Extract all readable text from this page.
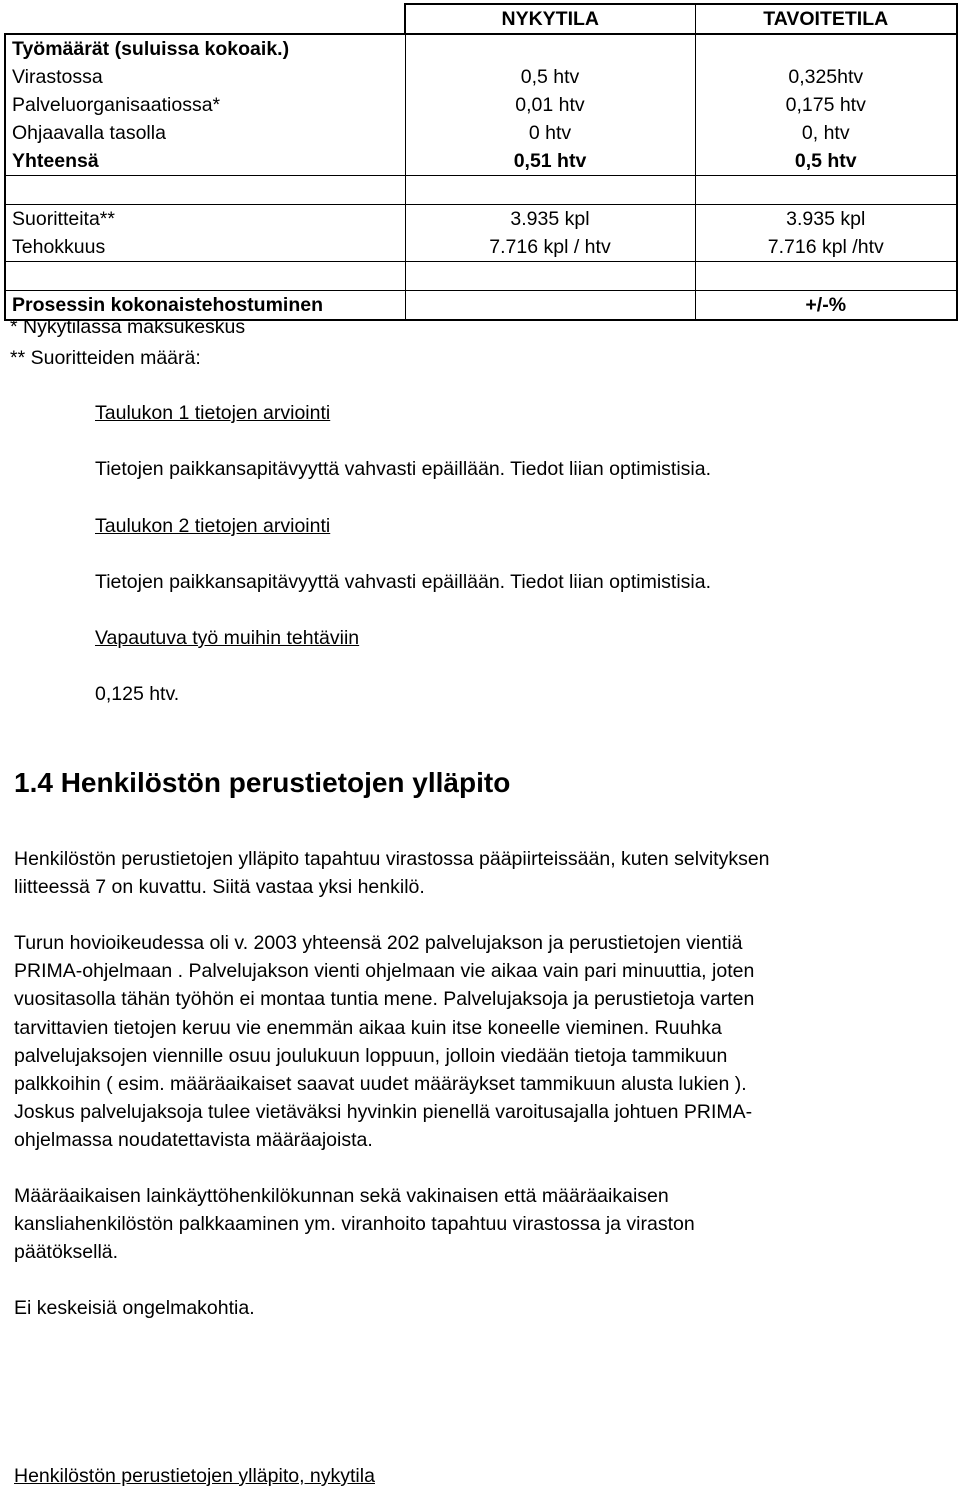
	NYKYTILA	TAVOITETILA
Työmäärät (suluissa kokoaik.)		
Virastossa	0,5 htv	0,325htv
Palveluorganisaatiossa*	0,01 htv	0,175 htv
Ohjaavalla tasolla	0 htv	0, htv
Yhteensä	0,51 htv	0,5 htv

Suoritteita**	3.935 kpl	3.935 kpl
Tehokkuus	7.716 kpl / htv	7.716 kpl /htv

Prosessin kokonaistehostuminen		+/-%
* Nykytilassa maksukeskus
** Suoritteiden määrä:
Taulukon 1 tietojen arviointi
Tietojen paikkansapitävyyttä vahvasti epäillään. Tiedot liian optimistisia.
Taulukon 2 tietojen arviointi
Tietojen paikkansapitävyyttä vahvasti epäillään. Tiedot liian optimistisia.
Vapautuva työ muihin tehtäviin
0,125 htv.
1.4 Henkilöstön perustietojen ylläpito
Henkilöstön perustietojen ylläpito tapahtuu virastossa pääpiirteissään, kuten selvityksen
liitteessä 7 on kuvattu. Siitä vastaa yksi henkilö.
Turun hovioikeudessa oli v. 2003 yhteensä 202 palvelujakson ja perustietojen vientiä
PRIMA-ohjelmaan . Palvelujakson vienti ohjelmaan vie aikaa vain pari minuuttia, joten
vuositasolla tähän työhön ei montaa tuntia mene. Palvelujaksoja ja perustietoja varten
tarvittavien tietojen keruu vie enemmän aikaa kuin itse koneelle vieminen. Ruuhka
palvelujaksojen viennille osuu joulukuun loppuun, jolloin viedään tietoja tammikuun
palkkoihin ( esim. määräaikaiset saavat uudet määräykset tammikuun alusta lukien ).
Joskus palvelujaksoja tulee vietäväksi hyvinkin pienellä varoitusajalla johtuen PRIMA-
ohjelmassa noudatettavista määräajoista.
Määräaikaisen lainkäyttöhenkilökunnan sekä vakinaisen että määräaikaisen
kansliahenkilöstön palkkaaminen ym. viranhoito tapahtuu virastossa ja viraston
päätöksellä.
Ei keskeisiä ongelmakohtia.
Henkilöstön perustietojen ylläpito, nykytila
